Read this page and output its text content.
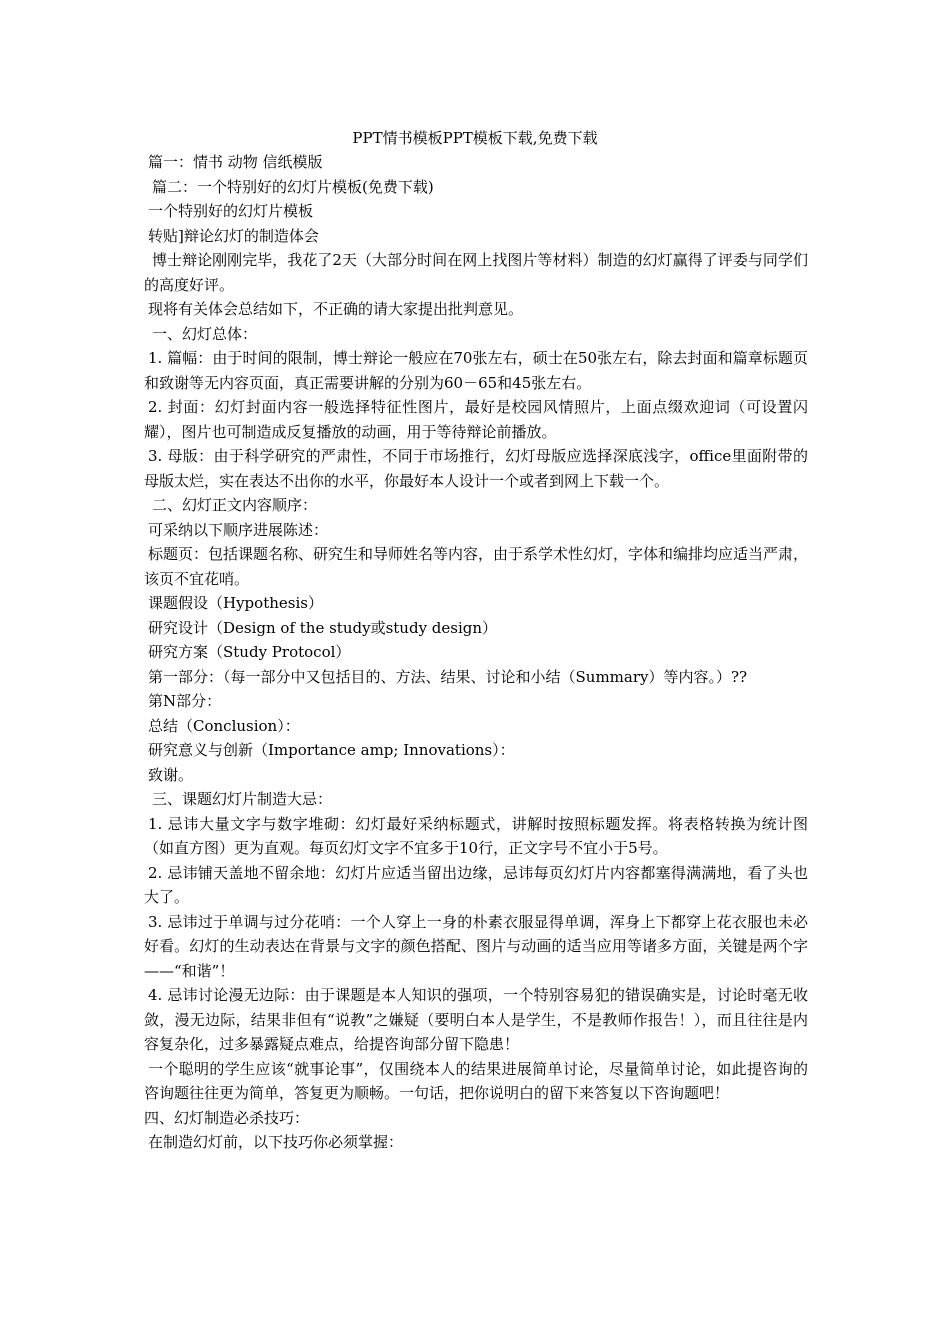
PPT情书模板PPT模板下载,免费下载

篇一：情书 动物 信纸模版

篇二：一个特别好的幻灯片模板(免费下载)

一个特别好的幻灯片模板

转贴]辩论幻灯的制造体会

博士辩论刚刚完毕，我花了2天（大部分时间在网上找图片等材料）制造的幻灯赢得了评委与同学们的高度好评。

现将有关体会总结如下，不正确的请大家提出批判意见。

一、幻灯总体：

1. 篇幅：由于时间的限制，博士辩论一般应在70张左右，硕士在50张左右，除去封面和篇章标题页和致谢等无内容页面，真正需要讲解的分别为60－65和45张左右。

2. 封面：幻灯封面内容一般选择特征性图片，最好是校园风情照片，上面点缀欢迎词（可设置闪耀），图片也可制造成反复播放的动画，用于等待辩论前播放。

3. 母版：由于科学研究的严肃性，不同于市场推行，幻灯母版应选择深底浅字，office里面附带的母版太烂，实在表达不出你的水平，你最好本人设计一个或者到网上下载一个。

二、幻灯正文内容顺序：

可采纳以下顺序进展陈述：

标题页：包括课题名称、研究生和导师姓名等内容，由于系学术性幻灯，字体和编排均应适当严肃，该页不宜花哨。

课题假设（Hypothesis）

研究设计（Design of the study或study design）

研究方案（Study Protocol）

第一部分：（每一部分中又包括目的、方法、结果、讨论和小结（Summary）等内容。）??

第N部分：

总结（Conclusion）：

研究意义与创新（Importance amp; Innovations）：

致谢。

三、课题幻灯片制造大忌：

1. 忌讳大量文字与数字堆砌：幻灯最好采纳标题式，讲解时按照标题发挥。将表格转换为统计图（如直方图）更为直观。每页幻灯文字不宜多于10行，正文字号不宜小于5号。

2. 忌讳铺天盖地不留余地：幻灯片应适当留出边缘，忌讳每页幻灯片内容都塞得满满地，看了头也大了。

3. 忌讳过于单调与过分花哨：一个人穿上一身的朴素衣服显得单调，浑身上下都穿上花衣服也未必好看。幻灯的生动表达在背景与文字的颜色搭配、图片与动画的适当应用等诸多方面，关键是两个字——“和谐”！

4. 忌讳讨论漫无边际：由于课题是本人知识的强项，一个特别容易犯的错误确实是，讨论时毫无收敛，漫无边际，结果非但有“说教”之嫌疑（要明白本人是学生，不是教师作报告！），而且往往是内容复杂化，过多暴露疑点难点，给提咨询部分留下隐患！

一个聪明的学生应该“就事论事”，仅围绕本人的结果进展简单讨论，尽量简单讨论，如此提咨询的咨询题往往更为简单，答复更为顺畅。一句话，把你说明白的留下来答复以下咨询题吧！

四、幻灯制造必杀技巧：

在制造幻灯前，以下技巧你必须掌握：
